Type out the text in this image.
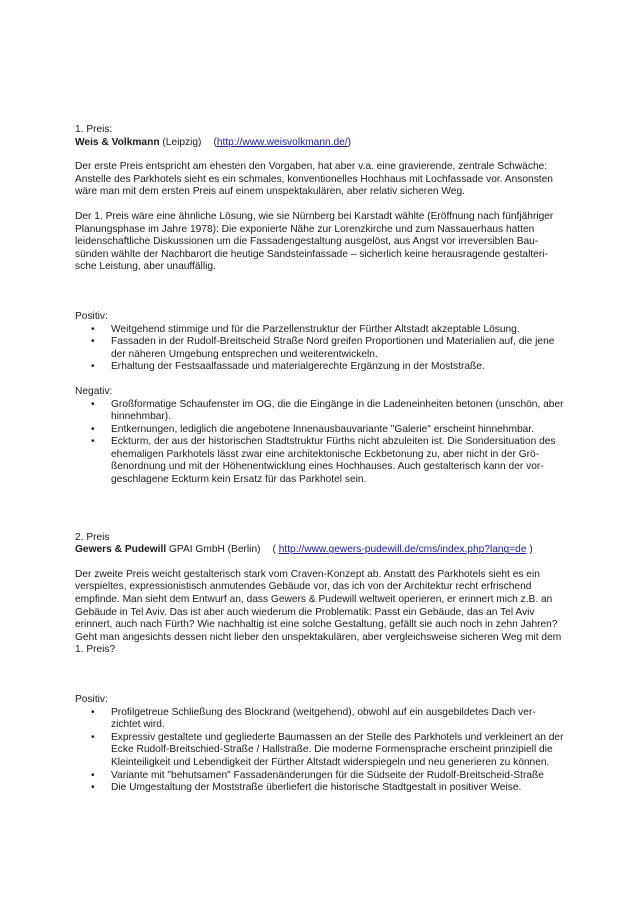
1. Preis:

Weis & Volkmann (Leipzig) (http://www.weisvolkmann.de/)

Der erste Preis entspricht am ehesten den Vorgaben, hat aber v.a. eine gravierende, zentrale Schwäche: Anstelle des Parkhotels sieht es ein schmales, konventionelles Hochhaus mit Lochfassade vor. Ansonsten wäre man mit dem ersten Preis auf einem unspektakulären, aber relativ sicheren Weg.

Der 1. Preis wäre eine ähnliche Lösung, wie sie Nürnberg bei Karstadt wählte (Eröffnung nach fünfjähriger Planungsphase im Jahre 1978): Die exponierte Nähe zur Lorenzkirche und zum Nassauerhaus hatten leidenschaftliche Diskussionen um die Fassadengestaltung ausgelöst, aus Angst vor irreversiblen Bau-sünden wählte der Nachbarort die heutige Sandsteinfassade – sicherlich keine herausragende gestalteri-sche Leistung, aber unauffällig.

Positiv:

• Weitgehend stimmige und für die Parzellenstruktur der Fürther Altstadt akzeptable Lösung.
• Fassaden in der Rudolf-Breitscheid Straße Nord greifen Proportionen und Materialien auf, die jene der näheren Umgebung entsprechen und weiterentwickeln.
• Erhaltung der Festsaalfassade und materialgerechte Ergänzung in der Moststraße.

Negativ:

• Großformatige Schaufenster im OG, die die Eingänge in die Ladeneinheiten betonen (unschön, aber hinnehmbar).
• Entkernungen, lediglich die angebotene Innenausbauvariante "Galerie" erscheint hinnehmbar.
• Eckturm, der aus der historischen Stadtstruktur Fürths nicht abzuleiten ist. Die Sondersituation des ehemaligen Parkhotels lässt zwar eine architektonische Eckbetonung zu, aber nicht in der Grö-ßenordnung und mit der Höhenentwicklung eines Hochhauses. Auch gestalterisch kann der vor-geschlagene Eckturm kein Ersatz für das Parkhotel sein.

2. Preis

Gewers & Pudewill GPAI GmbH (Berlin) ( http://www.gewers-pudewill.de/cms/index.php?lang=de )

Der zweite Preis weicht gestalterisch stark vom Craven-Konzept ab. Anstatt des Parkhotels sieht es ein verspieltes, expressionistisch anmutendes Gebäude vor, das ich von der Architektur recht erfrischend empfinde. Man sieht dem Entwurf an, dass Gewers & Pudewill weltweit operieren, er erinnert mich z.B. an Gebäude in Tel Aviv. Das ist aber auch wiederum die Problematik: Passt ein Gebäude, das an Tel Aviv erinnert, auch nach Fürth? Wie nachhaltig ist eine solche Gestaltung, gefällt sie auch noch in zehn Jahren? Geht man angesichts dessen nicht lieber den unspektakulären, aber vergleichsweise sicheren Weg mit dem 1. Preis?

Positiv:

• Profilgetreue Schließung des Blockrand (weitgehend), obwohl auf ein ausgebildetes Dach ver-zichtet wird.
• Expressiv gestaltete und gegliederte Baumassen an der Stelle des Parkhotels und verkleinert an der Ecke Rudolf-Breitschied-Straße / Hallstraße. Die moderne Formensprache erscheint prinzipiell die Kleinteiligkeit und Lebendigkeit der Fürther Altstadt widerspiegeln und neu generieren zu können.
• Variante mit "behutsamen" Fassadenänderungen für die Südseite der Rudolf-Breitscheid-Straße
• Die Umgestaltung der Moststraße überliefert die historische Stadtgestalt in positiver Weise.
